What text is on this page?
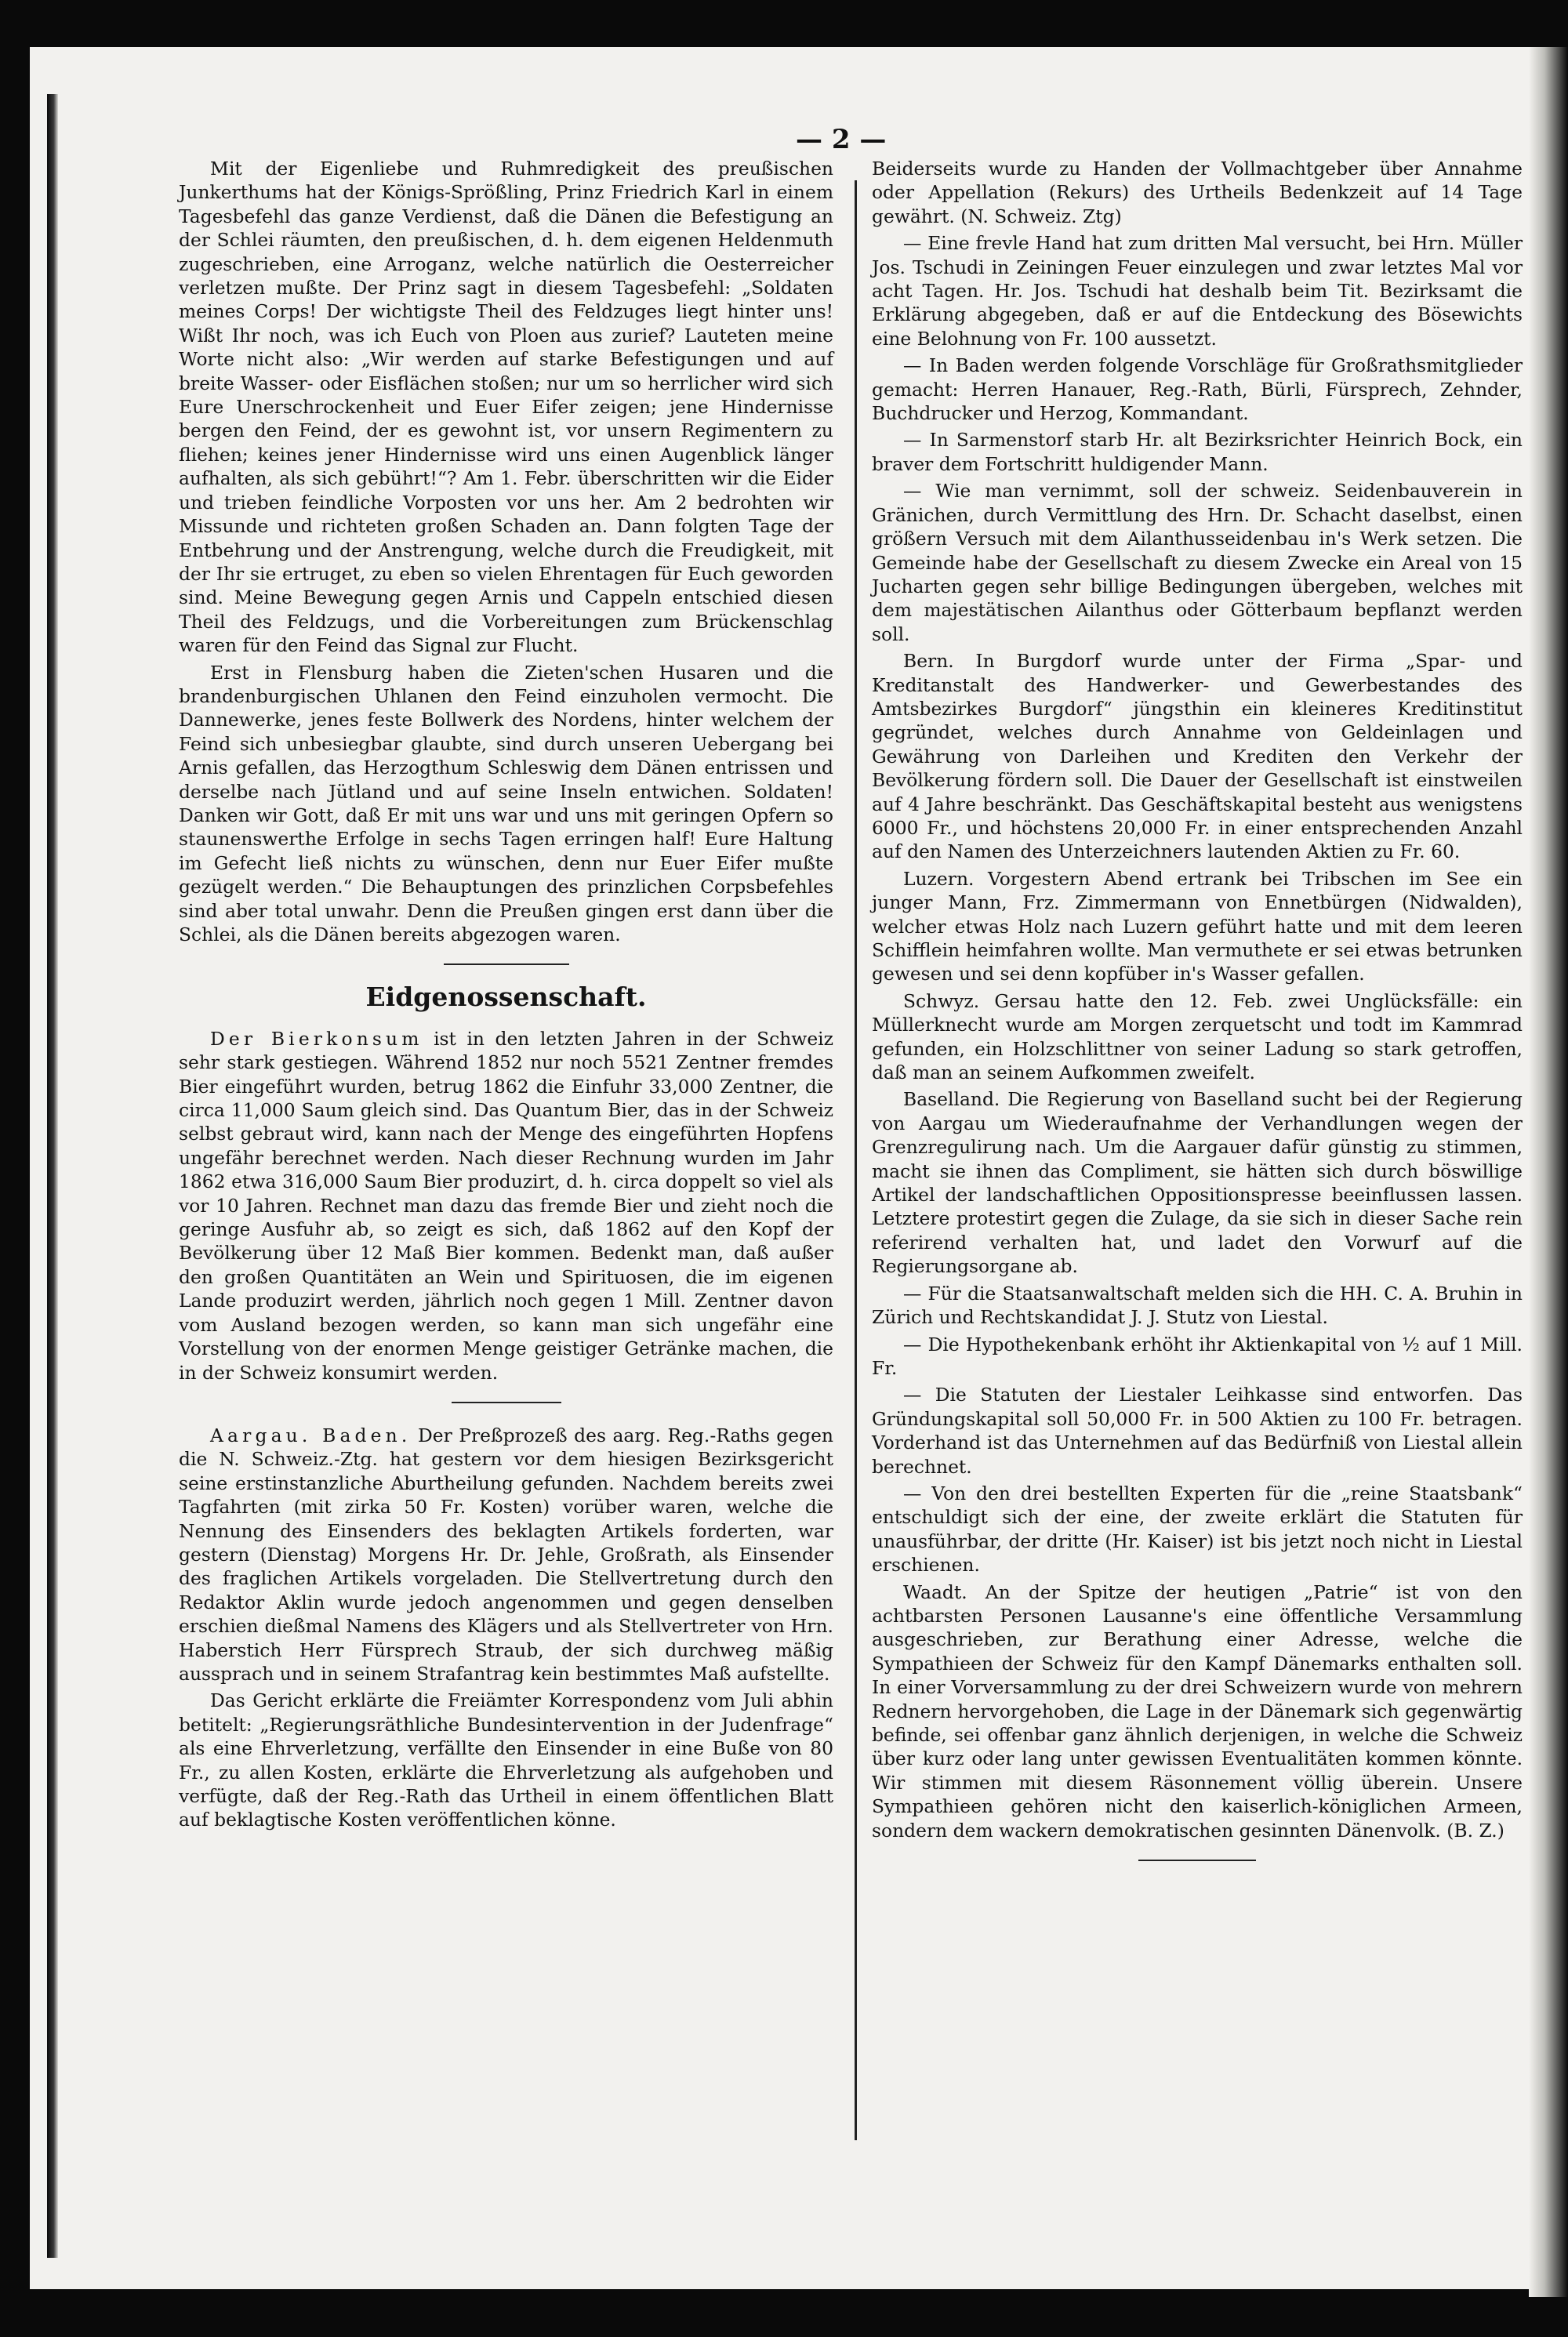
— 2 —

Mit der Eigenliebe und Ruhmredigkeit des preußischen Junkerthums hat der Königs-Sprößling, Prinz Friedrich Karl in einem Tagesbefehl das ganze Verdienst, daß die Dänen die Befestigung an der Schlei räumten, den preußischen, d. h. dem eigenen Heldenmuth zugeschrieben, eine Arroganz, welche natürlich die Oesterreicher verletzen mußte. Der Prinz sagt in diesem Tagesbefehl: „Soldaten meines Corps! Der wichtigste Theil des Feldzuges liegt hinter uns! Wißt Ihr noch, was ich Euch von Ploen aus zurief? Lauteten meine Worte nicht also: „Wir werden auf starke Befestigungen und auf breite Wasser- oder Eisflächen stoßen; nur um so herrlicher wird sich Eure Unerschrockenheit und Euer Eifer zeigen; jene Hindernisse bergen den Feind, der es gewohnt ist, vor unsern Regimentern zu fliehen; keines jener Hindernisse wird uns einen Augenblick länger aufhalten, als sich gebührt!“? Am 1. Febr. überschritten wir die Eider und trieben feindliche Vorposten vor uns her. Am 2 bedrohten wir Missunde und richteten großen Schaden an. Dann folgten Tage der Entbehrung und der Anstrengung, welche durch die Freudigkeit, mit der Ihr sie ertruget, zu eben so vielen Ehrentagen für Euch geworden sind. Meine Bewegung gegen Arnis und Cappeln entschied diesen Theil des Feldzugs, und die Vorbereitungen zum Brückenschlag waren für den Feind das Signal zur Flucht.

Erst in Flensburg haben die Zieten'schen Husaren und die brandenburgischen Uhlanen den Feind einzuholen vermocht. Die Dannewerke, jenes feste Bollwerk des Nordens, hinter welchem der Feind sich unbesiegbar glaubte, sind durch unseren Uebergang bei Arnis gefallen, das Herzogthum Schleswig dem Dänen entrissen und derselbe nach Jütland und auf seine Inseln entwichen. Soldaten! Danken wir Gott, daß Er mit uns war und uns mit geringen Opfern so staunenswerthe Erfolge in sechs Tagen erringen half! Eure Haltung im Gefecht ließ nichts zu wünschen, denn nur Euer Eifer mußte gezügelt werden.“ Die Behauptungen des prinzlichen Corpsbefehles sind aber total unwahr. Denn die Preußen gingen erst dann über die Schlei, als die Dänen bereits abgezogen waren.

Eidgenossenschaft.

Der Bierkonsum ist in den letzten Jahren in der Schweiz sehr stark gestiegen. Während 1852 nur noch 5521 Zentner fremdes Bier eingeführt wurden, betrug 1862 die Einfuhr 33,000 Zentner, die circa 11,000 Saum gleich sind. Das Quantum Bier, das in der Schweiz selbst gebraut wird, kann nach der Menge des eingeführten Hopfens ungefähr berechnet werden. Nach dieser Rechnung wurden im Jahr 1862 etwa 316,000 Saum Bier produzirt, d. h. circa doppelt so viel als vor 10 Jahren. Rechnet man dazu das fremde Bier und zieht noch die geringe Ausfuhr ab, so zeigt es sich, daß 1862 auf den Kopf der Bevölkerung über 12 Maß Bier kommen. Bedenkt man, daß außer den großen Quantitäten an Wein und Spirituosen, die im eigenen Lande produzirt werden, jährlich noch gegen 1 Mill. Zentner davon vom Ausland bezogen werden, so kann man sich ungefähr eine Vorstellung von der enormen Menge geistiger Getränke machen, die in der Schweiz konsumirt werden.

Aargau. Baden. Der Preßprozeß des aarg. Reg.-Raths gegen die N. Schweiz.-Ztg. hat gestern vor dem hiesigen Bezirksgericht seine erstinstanzliche Aburtheilung gefunden. Nachdem bereits zwei Tagfahrten (mit zirka 50 Fr. Kosten) vorüber waren, welche die Nennung des Einsenders des beklagten Artikels forderten, war gestern (Dienstag) Morgens Hr. Dr. Jehle, Großrath, als Einsender des fraglichen Artikels vorgeladen. Die Stellvertretung durch den Redaktor Aklin wurde jedoch angenommen und gegen denselben erschien dießmal Namens des Klägers und als Stellvertreter von Hrn. Haberstich Herr Fürsprech Straub, der sich durchweg mäßig aussprach und in seinem Strafantrag kein bestimmtes Maß aufstellte.

Das Gericht erklärte die Freiämter Korrespondenz vom Juli abhin betitelt: „Regierungsräthliche Bundesintervention in der Judenfrage“ als eine Ehrverletzung, verfällte den Einsender in eine Buße von 80 Fr., zu allen Kosten, erklärte die Ehrverletzung als aufgehoben und verfügte, daß der Reg.-Rath das Urtheil in einem öffentlichen Blatt auf beklagtische Kosten veröffentlichen könne.

Beiderseits wurde zu Handen der Vollmachtgeber über Annahme oder Appellation (Rekurs) des Urtheils Bedenkzeit auf 14 Tage gewährt. (N. Schweiz. Ztg)

— Eine frevle Hand hat zum dritten Mal versucht, bei Hrn. Müller Jos. Tschudi in Zeiningen Feuer einzulegen und zwar letztes Mal vor acht Tagen. Hr. Jos. Tschudi hat deshalb beim Tit. Bezirksamt die Erklärung abgegeben, daß er auf die Entdeckung des Bösewichts eine Belohnung von Fr. 100 aussetzt.

— In Baden werden folgende Vorschläge für Großrathsmitglieder gemacht: Herren Hanauer, Reg.-Rath, Bürli, Fürsprech, Zehnder, Buchdrucker und Herzog, Kommandant.

— In Sarmenstorf starb Hr. alt Bezirksrichter Heinrich Bock, ein braver dem Fortschritt huldigender Mann.

— Wie man vernimmt, soll der schweiz. Seidenbauverein in Gränichen, durch Vermittlung des Hrn. Dr. Schacht daselbst, einen größern Versuch mit dem Ailanthusseidenbau in's Werk setzen. Die Gemeinde habe der Gesellschaft zu diesem Zwecke ein Areal von 15 Jucharten gegen sehr billige Bedingungen übergeben, welches mit dem majestätischen Ailanthus oder Götterbaum bepflanzt werden soll.

Bern. In Burgdorf wurde unter der Firma „Spar- und Kreditanstalt des Handwerker- und Gewerbestandes des Amtsbezirkes Burgdorf“ jüngsthin ein kleineres Kreditinstitut gegründet, welches durch Annahme von Geldeinlagen und Gewährung von Darleihen und Krediten den Verkehr der Bevölkerung fördern soll. Die Dauer der Gesellschaft ist einstweilen auf 4 Jahre beschränkt. Das Geschäftskapital besteht aus wenigstens 6000 Fr., und höchstens 20,000 Fr. in einer entsprechenden Anzahl auf den Namen des Unterzeichners lautenden Aktien zu Fr. 60.

Luzern. Vorgestern Abend ertrank bei Tribschen im See ein junger Mann, Frz. Zimmermann von Ennetbürgen (Nidwalden), welcher etwas Holz nach Luzern geführt hatte und mit dem leeren Schifflein heimfahren wollte. Man vermuthete er sei etwas betrunken gewesen und sei denn kopfüber in's Wasser gefallen.

Schwyz. Gersau hatte den 12. Feb. zwei Unglücksfälle: ein Müllerknecht wurde am Morgen zerquetscht und todt im Kammrad gefunden, ein Holzschlittner von seiner Ladung so stark getroffen, daß man an seinem Aufkommen zweifelt.

Baselland. Die Regierung von Baselland sucht bei der Regierung von Aargau um Wiederaufnahme der Verhandlungen wegen der Grenzregulirung nach. Um die Aargauer dafür günstig zu stimmen, macht sie ihnen das Compliment, sie hätten sich durch böswillige Artikel der landschaftlichen Oppositionspresse beeinflussen lassen. Letztere protestirt gegen die Zulage, da sie sich in dieser Sache rein referirend verhalten hat, und ladet den Vorwurf auf die Regierungsorgane ab.

— Für die Staatsanwaltschaft melden sich die HH. C. A. Bruhin in Zürich und Rechtskandidat J. J. Stutz von Liestal.

— Die Hypothekenbank erhöht ihr Aktienkapital von ½ auf 1 Mill. Fr.

— Die Statuten der Liestaler Leihkasse sind entworfen. Das Gründungskapital soll 50,000 Fr. in 500 Aktien zu 100 Fr. betragen. Vorderhand ist das Unternehmen auf das Bedürfniß von Liestal allein berechnet.

— Von den drei bestellten Experten für die „reine Staatsbank“ entschuldigt sich der eine, der zweite erklärt die Statuten für unausführbar, der dritte (Hr. Kaiser) ist bis jetzt noch nicht in Liestal erschienen.

Waadt. An der Spitze der heutigen „Patrie“ ist von den achtbarsten Personen Lausanne's eine öffentliche Versammlung ausgeschrieben, zur Berathung einer Adresse, welche die Sympathieen der Schweiz für den Kampf Dänemarks enthalten soll. In einer Vorversammlung zu der drei Schweizern wurde von mehrern Rednern hervorgehoben, die Lage in der Dänemark sich gegenwärtig befinde, sei offenbar ganz ähnlich derjenigen, in welche die Schweiz über kurz oder lang unter gewissen Eventualitäten kommen könnte. Wir stimmen mit diesem Räsonnement völlig überein. Unsere Sympathieen gehören nicht den kaiserlich-königlichen Armeen, sondern dem wackern demokratischen gesinnten Dänenvolk. (B. Z.)
